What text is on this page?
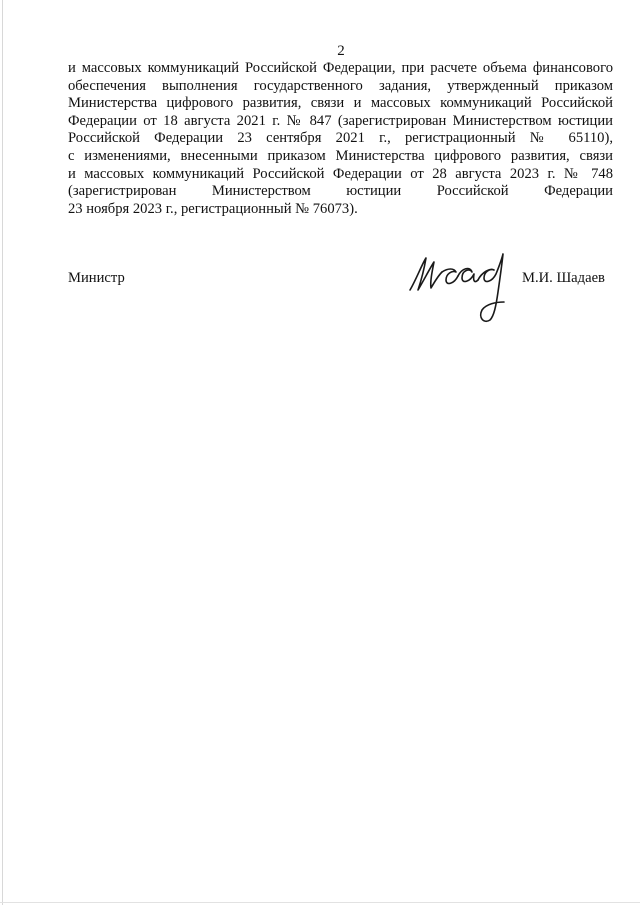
2
и массовых коммуникаций Российской Федерации, при расчете объема финансового
обеспечения выполнения государственного задания, утвержденный приказом
Министерства цифрового развития, связи и массовых коммуникаций Российской
Федерации от 18 августа 2021 г. № 847 (зарегистрирован Министерством юстиции
Российской Федерации 23 сентября 2021 г., регистрационный № 65110),
с изменениями, внесенными приказом Министерства цифрового развития, связи
и массовых коммуникаций Российской Федерации от 28 августа 2023 г. № 748
(зарегистрирован Министерством юстиции Российской Федерации
23 ноября 2023 г., регистрационный № 76073).
Министр	М.И. Шадаев
